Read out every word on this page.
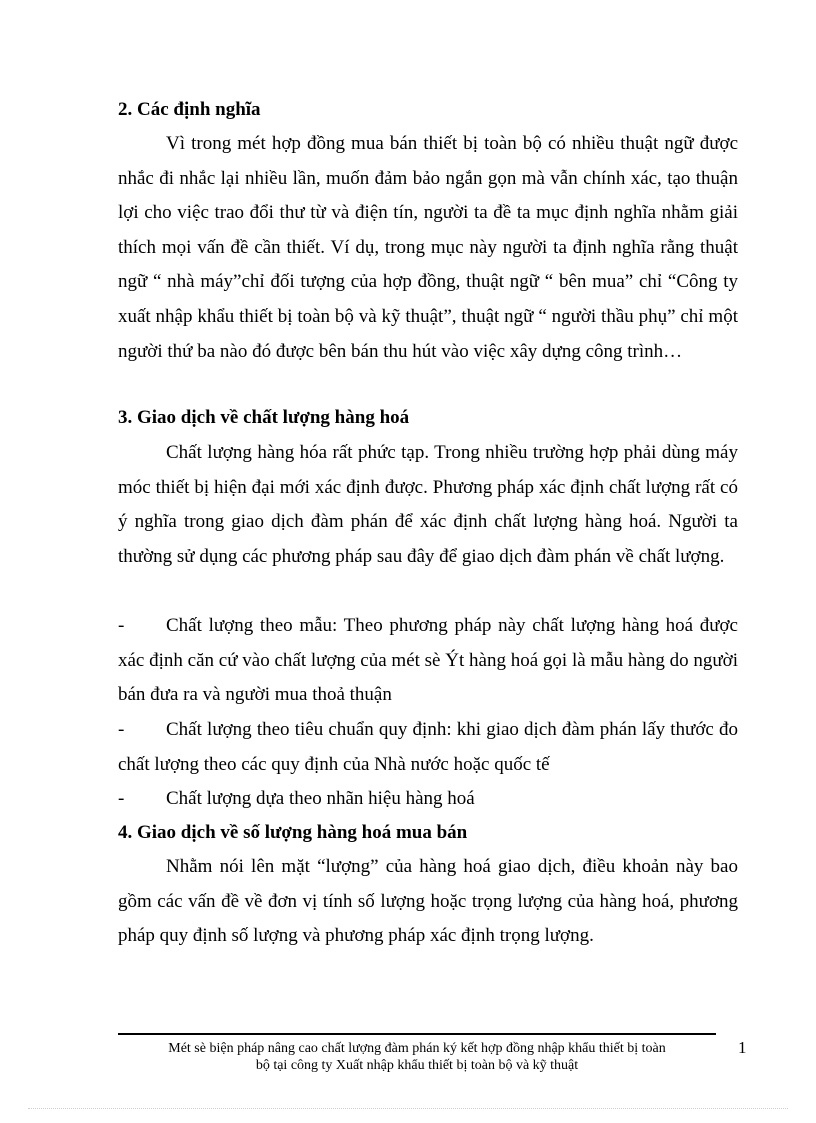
2. Các định nghĩa
Vì trong mét hợp đồng mua bán thiết bị toàn bộ có nhiều thuật ngữ được nhắc đi nhắc lại nhiều lần, muốn đảm bảo ngắn gọn mà vẫn chính xác, tạo thuận lợi cho việc trao đổi thư từ và điện tín, người ta đề ta mục định nghĩa nhằm giải thích mọi vấn đề cần thiết. Ví dụ, trong mục này người ta định nghĩa rằng thuật ngữ “ nhà máy”chỉ đối tượng của hợp đồng, thuật ngữ “ bên mua” chỉ “Công ty xuất nhập khẩu thiết bị toàn bộ và kỹ thuật”, thuật ngữ “ người thầu phụ” chỉ một người thứ ba nào đó được bên bán thu hút vào việc xây dựng công trình…
3. Giao dịch về chất lượng hàng hoá
Chất lượng hàng hóa rất phức tạp. Trong nhiều trường hợp phải dùng máy móc thiết bị hiện đại mới xác định được. Phương pháp xác định chất lượng rất có ý nghĩa trong giao dịch đàm phán để xác định chất lượng hàng hoá. Người ta thường sử dụng các phương pháp sau đây để giao dịch đàm phán về chất lượng.
-	Chất lượng theo mẫu: Theo phương pháp này chất lượng hàng hoá được xác định căn cứ vào chất lượng của mét sè Ýt hàng hoá gọi là mẫu hàng do người bán đưa ra và người mua thoả thuận
-	Chất lượng theo tiêu chuẩn quy định: khi giao dịch đàm phán lấy thước đo chất lượng theo các quy định của Nhà nước hoặc quốc tế
-	Chất lượng dựa theo nhãn hiệu hàng hoá
4. Giao dịch về số lượng hàng hoá mua bán
Nhằm nói lên mặt “lượng” của hàng hoá giao dịch, điều khoản này bao gồm các vấn đề về đơn vị tính số lượng hoặc trọng lượng của hàng hoá, phương pháp quy định số lượng và phương pháp xác định trọng lượng.
Mét sè biện pháp nâng cao chất lượng đàm phán ký kết hợp đồng nhập khẩu thiết bị toàn
bộ tại công ty Xuất nhập khẩu thiết bị toàn bộ và kỹ thuật
1
